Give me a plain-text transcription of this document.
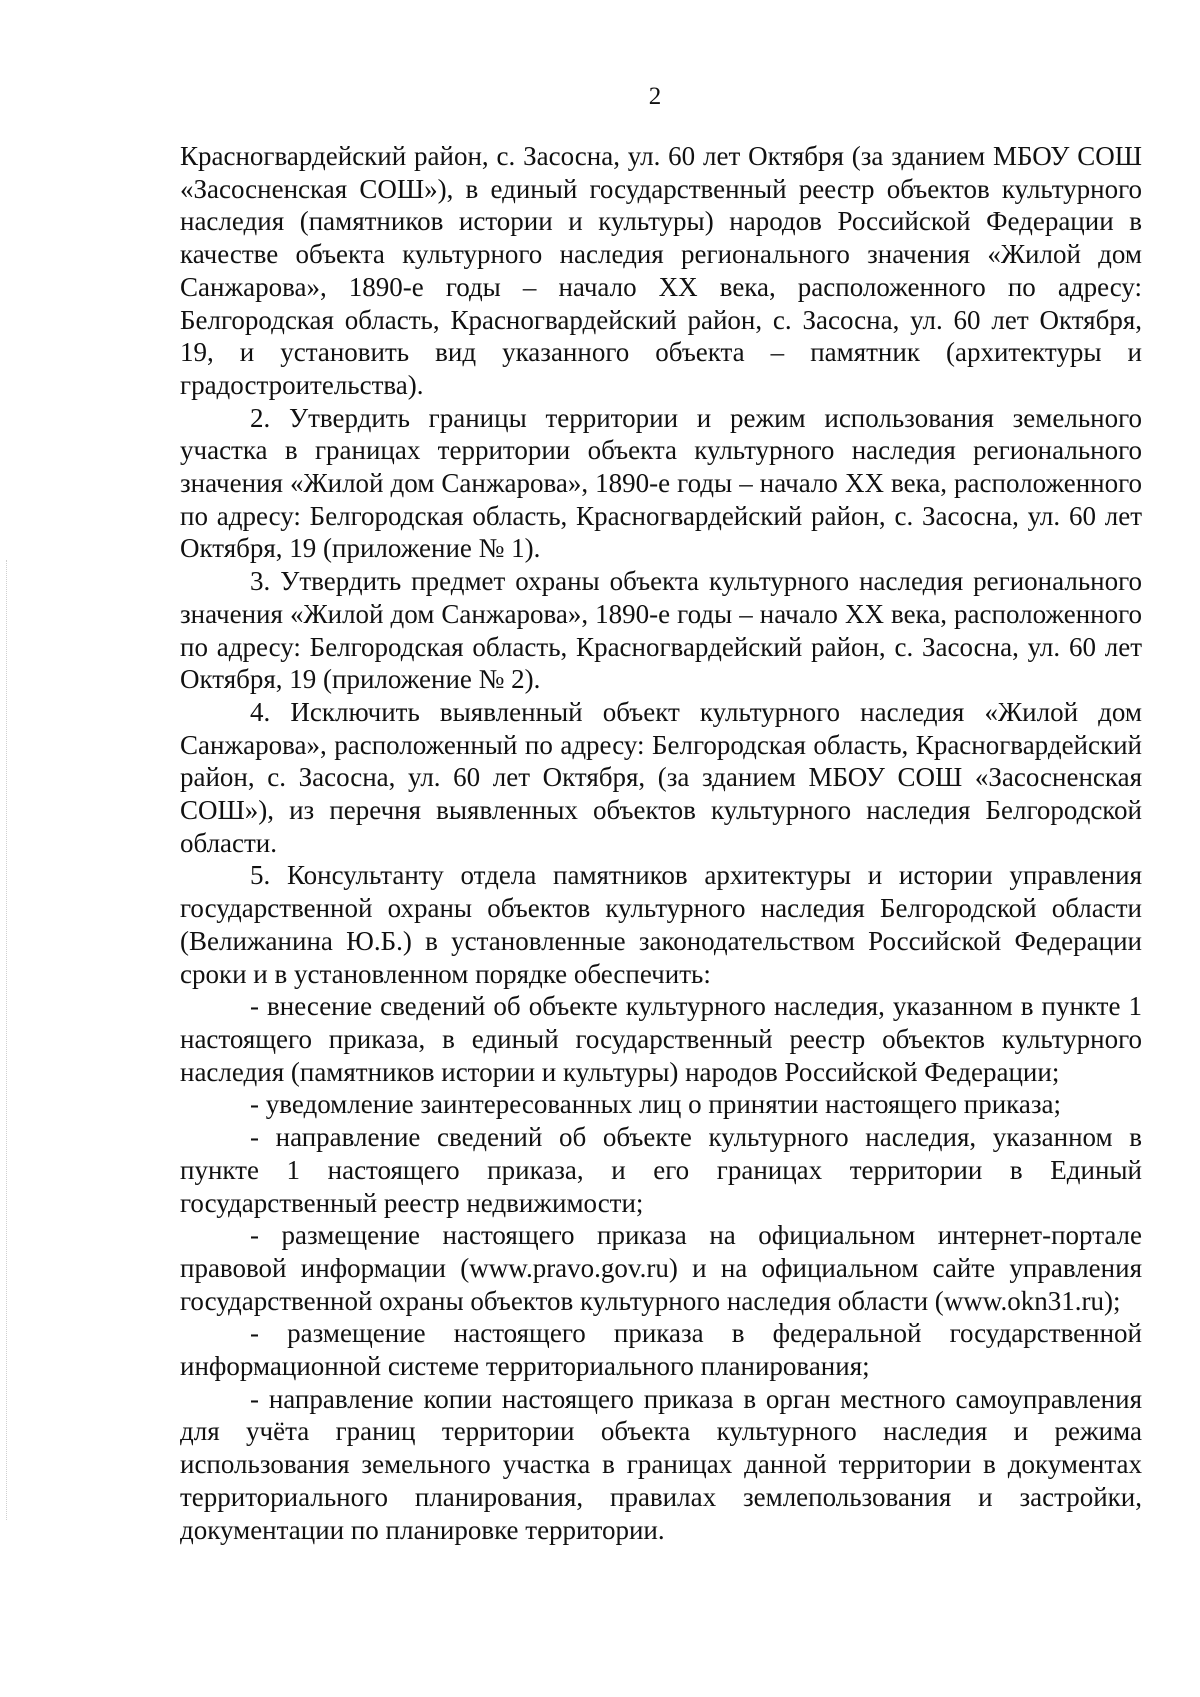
2

Красногвардейский район, с. Засосна, ул. 60 лет Октября (за зданием МБОУ СОШ «Засосненская СОШ»), в единый государственный реестр объектов культурного наследия (памятников истории и культуры) народов Российской Федерации в качестве объекта культурного наследия регионального значения «Жилой дом Санжарова», 1890-е годы – начало XX века, расположенного по адресу: Белгородская область, Красногвардейский район, с. Засосна, ул. 60 лет Октября, 19, и установить вид указанного объекта – памятник (архитектуры и градостроительства).

2. Утвердить границы территории и режим использования земельного участка в границах территории объекта культурного наследия регионального значения «Жилой дом Санжарова», 1890-е годы – начало XX века, расположенного по адресу: Белгородская область, Красногвардейский район, с. Засосна, ул. 60 лет Октября, 19 (приложение № 1).

3. Утвердить предмет охраны объекта культурного наследия регионального значения «Жилой дом Санжарова», 1890-е годы – начало XX века, расположенного по адресу: Белгородская область, Красногвардейский район, с. Засосна, ул. 60 лет Октября, 19 (приложение № 2).

4. Исключить выявленный объект культурного наследия «Жилой дом Санжарова», расположенный по адресу: Белгородская область, Красногвардейский район, с. Засосна, ул. 60 лет Октября, (за зданием МБОУ СОШ «Засосненская СОШ»), из перечня выявленных объектов культурного наследия Белгородской области.

5. Консультанту отдела памятников архитектуры и истории управления государственной охраны объектов культурного наследия Белгородской области (Велижанина Ю.Б.) в установленные законодательством Российской Федерации сроки и в установленном порядке обеспечить:

- внесение сведений об объекте культурного наследия, указанном в пункте 1 настоящего приказа, в единый государственный реестр объектов культурного наследия (памятников истории и культуры) народов Российской Федерации;

- уведомление заинтересованных лиц о принятии настоящего приказа;

- направление сведений об объекте культурного наследия, указанном в пункте 1 настоящего приказа, и его границах территории в Единый государственный реестр недвижимости;

- размещение настоящего приказа на официальном интернет-портале правовой информации (www.pravo.gov.ru) и на официальном сайте управления государственной охраны объектов культурного наследия области (www.okn31.ru);

- размещение настоящего приказа в федеральной государственной информационной системе территориального планирования;

- направление копии настоящего приказа в орган местного самоуправления для учёта границ территории объекта культурного наследия и режима использования земельного участка в границах данной территории в документах территориального планирования, правилах землепользования и застройки, документации по планировке территории.
